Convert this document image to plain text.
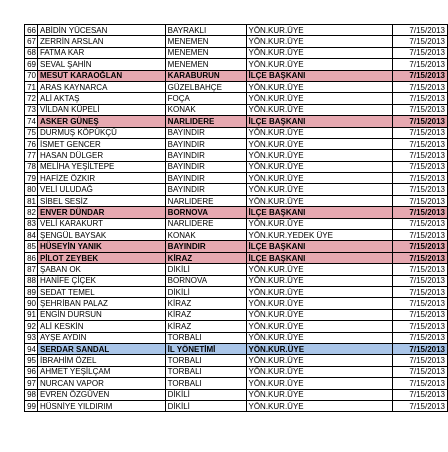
66	ABİDİN YÜCESAN	BAYRAKLI	YÖN.KUR.ÜYE	7/15/2013
67	ZERRİN ARSLAN	MENEMEN	YÖN.KUR.ÜYE	7/15/2013
68	FATMA KAR	MENEMEN	YÖN.KUR.ÜYE	7/15/2013
69	SEVAL ŞAHİN	MENEMEN	YÖN.KUR.ÜYE	7/15/2013
70	MESUT KARAOĞLAN	KARABURUN	İLÇE BAŞKANI	7/15/2013
71	ARAS KAYNARCA	GÜZELBAHÇE	YÖN.KUR.ÜYE	7/15/2013
72	ALİ AKTAŞ	FOÇA	YÖN.KUR.ÜYE	7/15/2013
73	VİLDAN KÜPELİ	KONAK	YÖN.KUR.ÜYE	7/15/2013
74	ASKER GÜNEŞ	NARLIDERE	İLÇE BAŞKANI	7/15/2013
75	DURMUŞ KÖPÜKÇÜ	BAYINDIR	YÖN.KUR.ÜYE	7/15/2013
76	İSMET GENCER	BAYINDIR	YÖN.KUR.ÜYE	7/15/2013
77	HASAN DÜLGER	BAYINDIR	YÖN.KUR.ÜYE	7/15/2013
78	MELİHA YEŞİLTEPE	BAYINDIR	YÖN.KUR.ÜYE	7/15/2013
79	HAFİZE ÖZKIR	BAYINDIR	YÖN.KUR.ÜYE	7/15/2013
80	VELİ ULUDAĞ	BAYINDIR	YÖN.KUR.ÜYE	7/15/2013
81	SİBEL SESİZ	NARLIDERE	YÖN.KUR.ÜYE	7/15/2013
82	ENVER DÜNDAR	BORNOVA	İLÇE BAŞKANI	7/15/2013
83	VELİ KARAKURT	NARLIDERE	YÖN.KUR.ÜYE	7/15/2013
84	ŞENGÜL BAYSAK	KONAK	YÖN.KUR.YEDEK ÜYE	7/15/2013
85	HÜSEYİN YANIK	BAYINDIR	İLÇE BAŞKANI	7/15/2013
86	PİLOT ZEYBEK	KİRAZ	İLÇE BAŞKANI	7/15/2013
87	ŞABAN OK	DİKİLİ	YÖN.KUR.ÜYE	7/15/2013
88	HANİFE ÇİÇEK	BORNOVA	YÖN.KUR.ÜYE	7/15/2013
89	SEDAT TEMEL	DİKİLİ	YÖN.KUR.ÜYE	7/15/2013
90	ŞEHRİBAN PALAZ	KİRAZ	YÖN.KUR.ÜYE	7/15/2013
91	ENGİN DURSUN	KİRAZ	YÖN.KUR.ÜYE	7/15/2013
92	ALİ KESKİN	KİRAZ	YÖN.KUR.ÜYE	7/15/2013
93	AYŞE AYDIN	TORBALI	YÖN.KUR.ÜYE	7/15/2013
94	SERDAR SANDAL	İL YÖNETİMİ	YÖN.KUR.ÜYE	7/15/2013
95	İBRAHİM ÖZEL	TORBALI	YÖN.KUR.ÜYE	7/15/2013
96	AHMET YEŞİLÇAM	TORBALI	YÖN.KUR.ÜYE	7/15/2013
97	NURCAN VAPOR	TORBALI	YÖN.KUR.ÜYE	7/15/2013
98	EVREN ÖZGÜVEN	DİKİLİ	YÖN.KUR.ÜYE	7/15/2013
99	HÜSNİYE YILDIRIM	DİKİLİ	YÖN.KUR.ÜYE	7/15/2013
